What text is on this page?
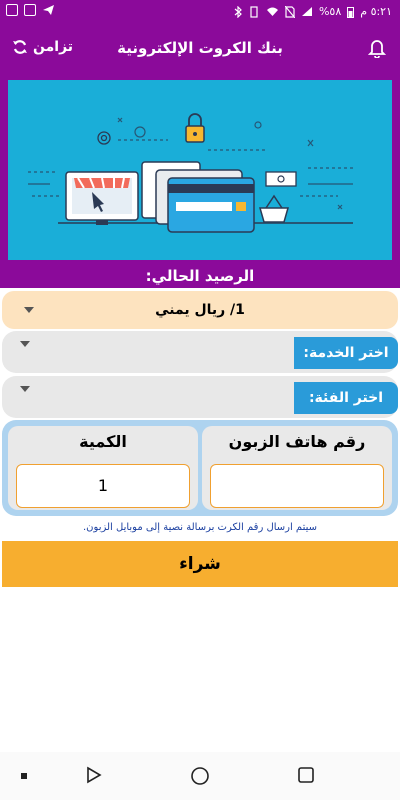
%٥٨ ٥:٢١ م
تزامن	بنك الكروت الإلكترونية
الرصيد الحالي:
1/ ريال يمني
اختر الخدمة:
اختر الفئة:
الكمية
1
رقم هاتف الزبون
سيتم ارسال رقم الكرت برسالة نصية إلى موبايل الزبون.
شراء
